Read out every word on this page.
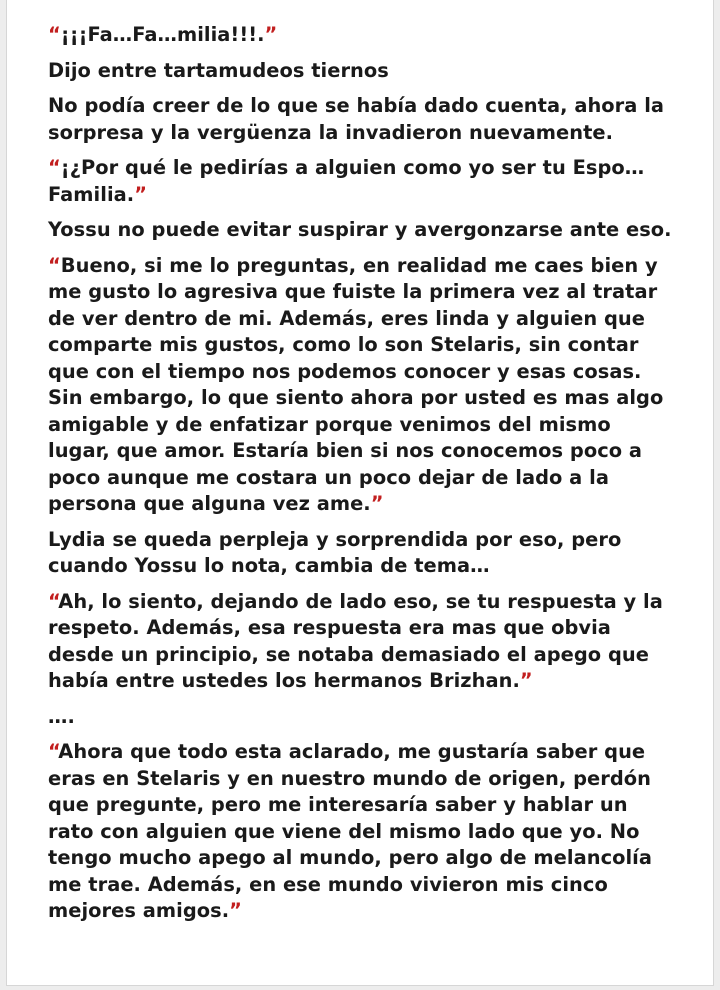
“¡¡¡Fa…Fa…milia!!!.”

Dijo entre tartamudeos tiernos

No podía creer de lo que se había dado cuenta, ahora la sorpresa y la vergüenza la invadieron nuevamente.

“¡¿Por qué le pedirías a alguien como yo ser tu Espo…Familia.”

Yossu no puede evitar suspirar y avergonzarse ante eso.

“Bueno, si me lo preguntas, en realidad me caes bien y me gusto lo agresiva que fuiste la primera vez al tratar de ver dentro de mi. Además, eres linda y alguien que comparte mis gustos, como lo son Stelaris, sin contar que con el tiempo nos podemos conocer y esas cosas. Sin embargo, lo que siento ahora por usted es mas algo amigable y de enfatizar porque venimos del mismo lugar, que amor. Estaría bien si nos conocemos poco a poco aunque me costara un poco dejar de lado a la persona que alguna vez ame.”

Lydia se queda perpleja y sorprendida por eso, pero cuando Yossu lo nota, cambia de tema…

“Ah, lo siento, dejando de lado eso, se tu respuesta y la respeto. Además, esa respuesta era mas que obvia desde un principio, se notaba demasiado el apego que había entre ustedes los hermanos Brizhan.”

….

“Ahora que todo esta aclarado, me gustaría saber que eras en Stelaris y en nuestro mundo de origen, perdón que pregunte, pero me interesaría saber y hablar un rato con alguien que viene del mismo lado que yo. No tengo mucho apego al mundo, pero algo de melancolía me trae. Además, en ese mundo vivieron mis cinco mejores amigos.”
